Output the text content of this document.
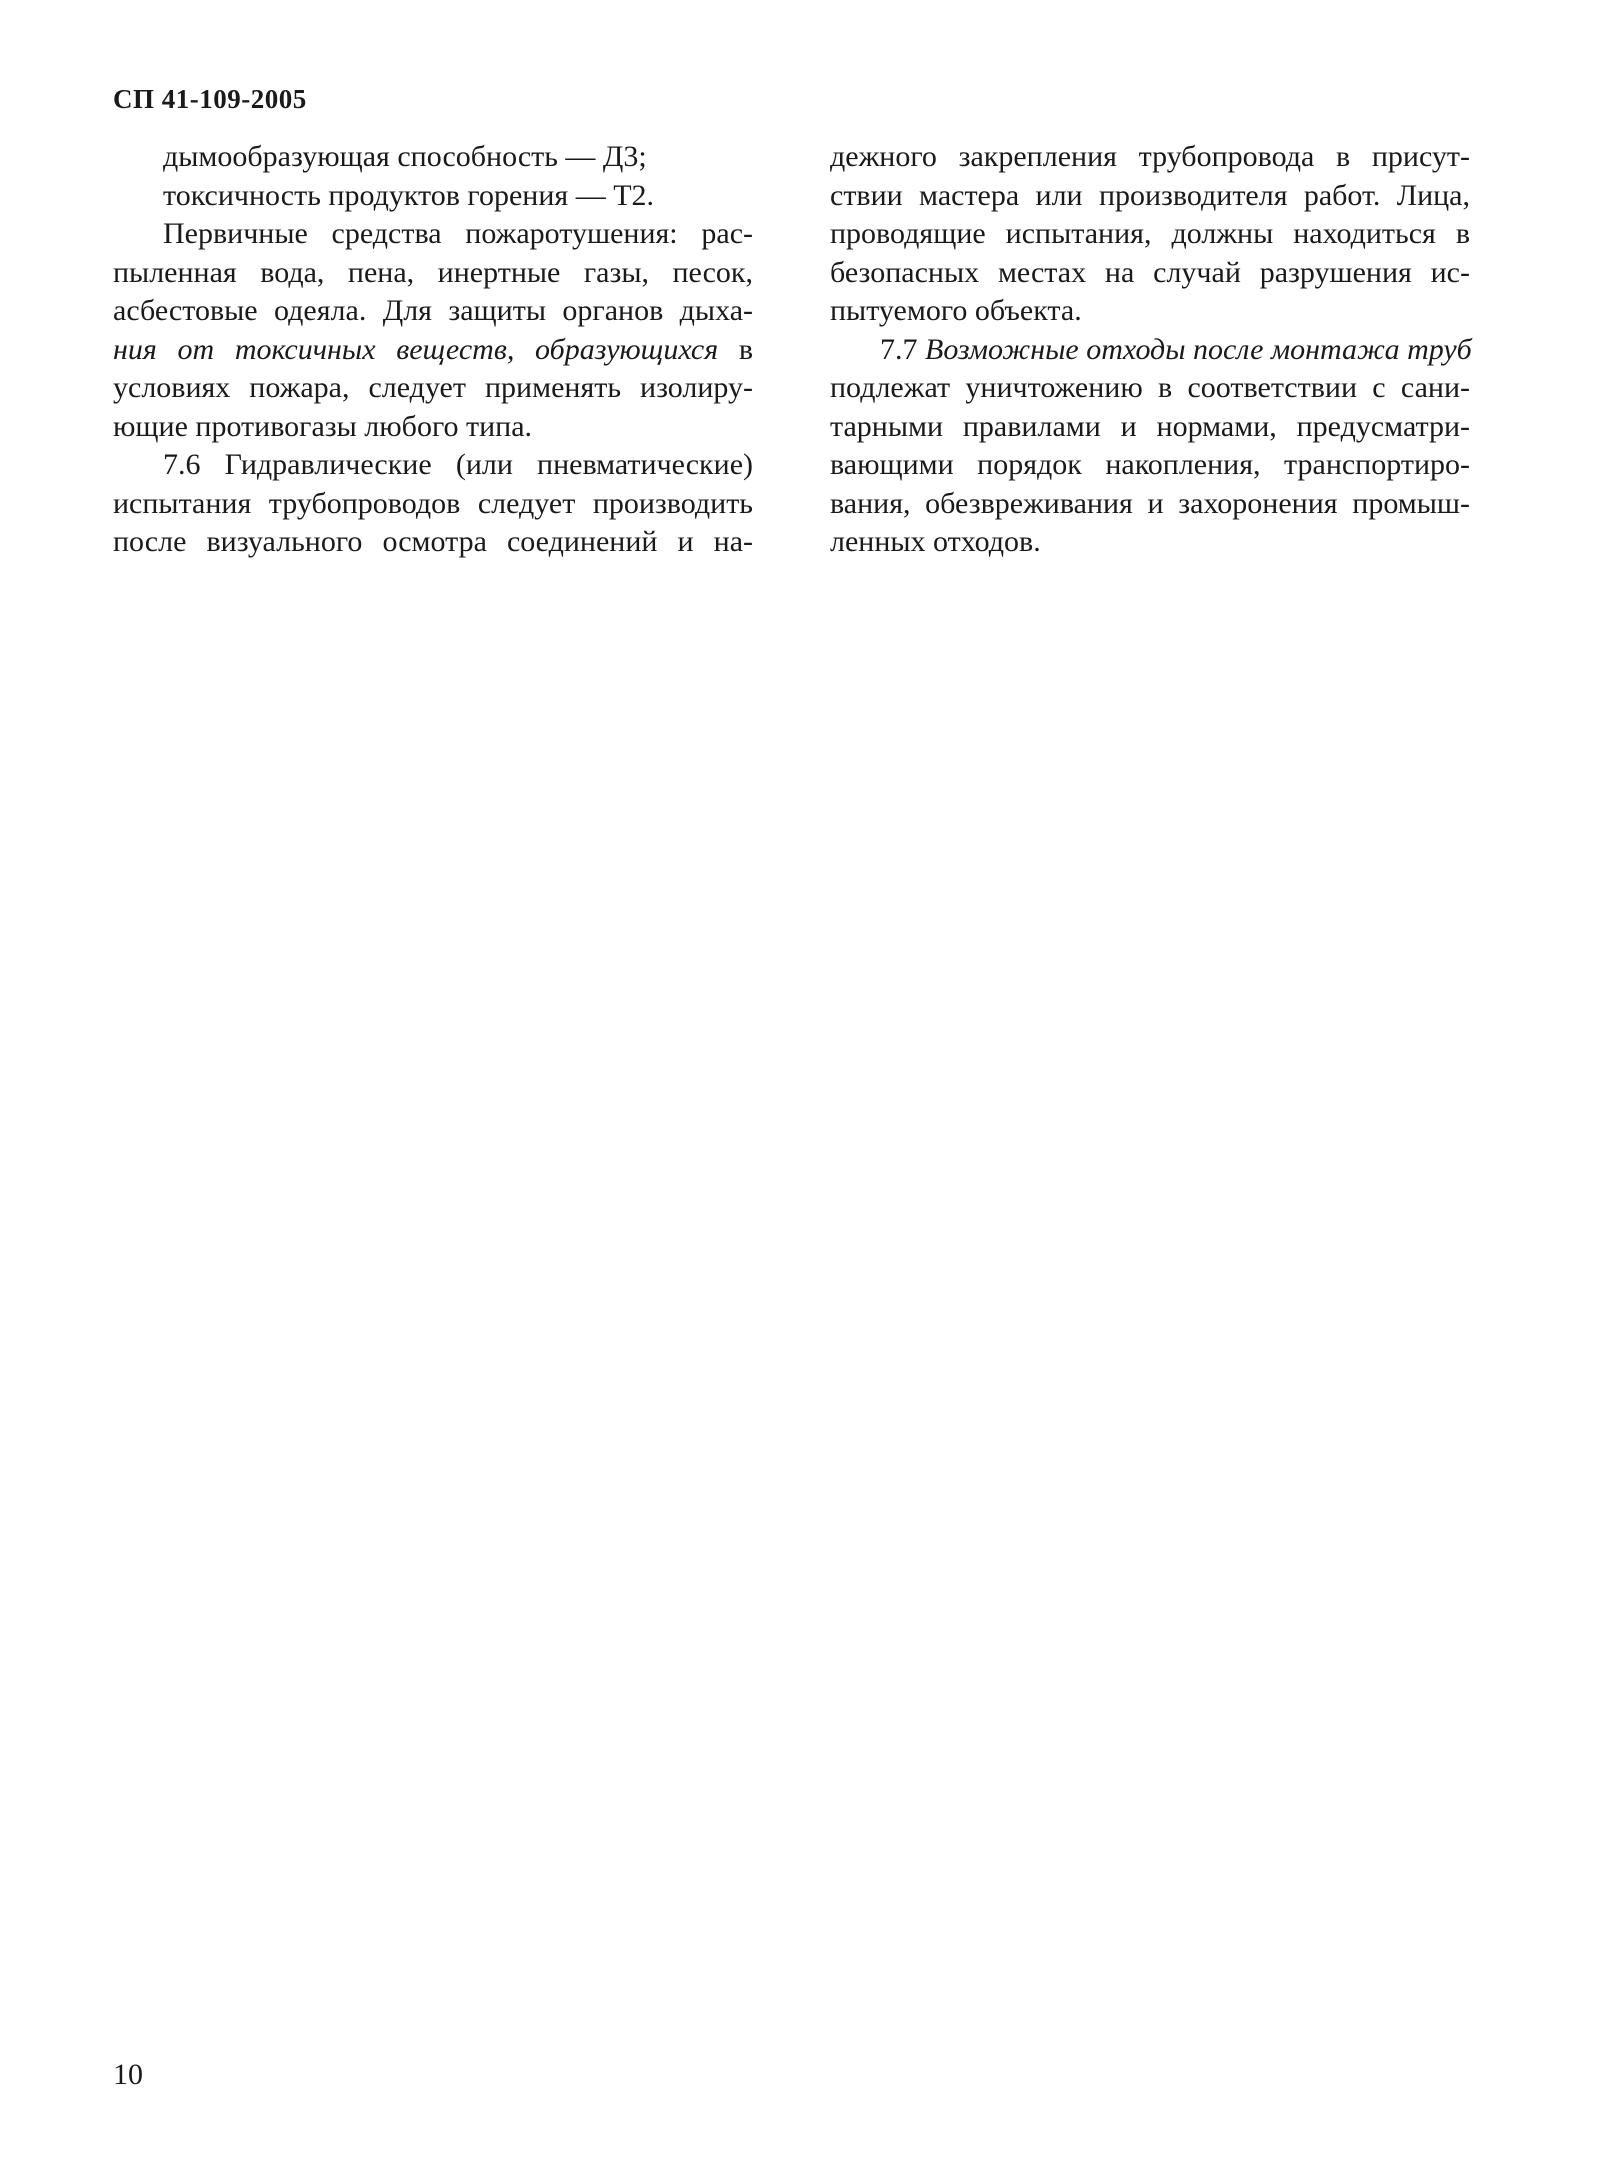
СП 41-109-2005
дымообразующая способность — Д3;
токсичность продуктов горения — Т2.
Первичные средства пожаротушения: рас-
пыленная вода, пена, инертные газы, песок,
асбестовые одеяла. Для защиты органов дыха-
ния от токсичных веществ, образующихся в
условиях пожара, следует применять изолиру-
ющие противогазы любого типа.
7.6 Гидравлические (или пневматические)
испытания трубопроводов следует производить
после визуального осмотра соединений и на-
дежного закрепления трубопровода в присут-
ствии мастера или производителя работ. Лица,
проводящие испытания, должны находиться в
безопасных местах на случай разрушения ис-
пытуемого объекта.
7.7 Возможные отходы после монтажа труб
подлежат уничтожению в соответствии с сани-
тарными правилами и нормами, предусматри-
вающими порядок накопления, транспортиро-
вания, обезвреживания и захоронения промыш-
ленных отходов.
10
